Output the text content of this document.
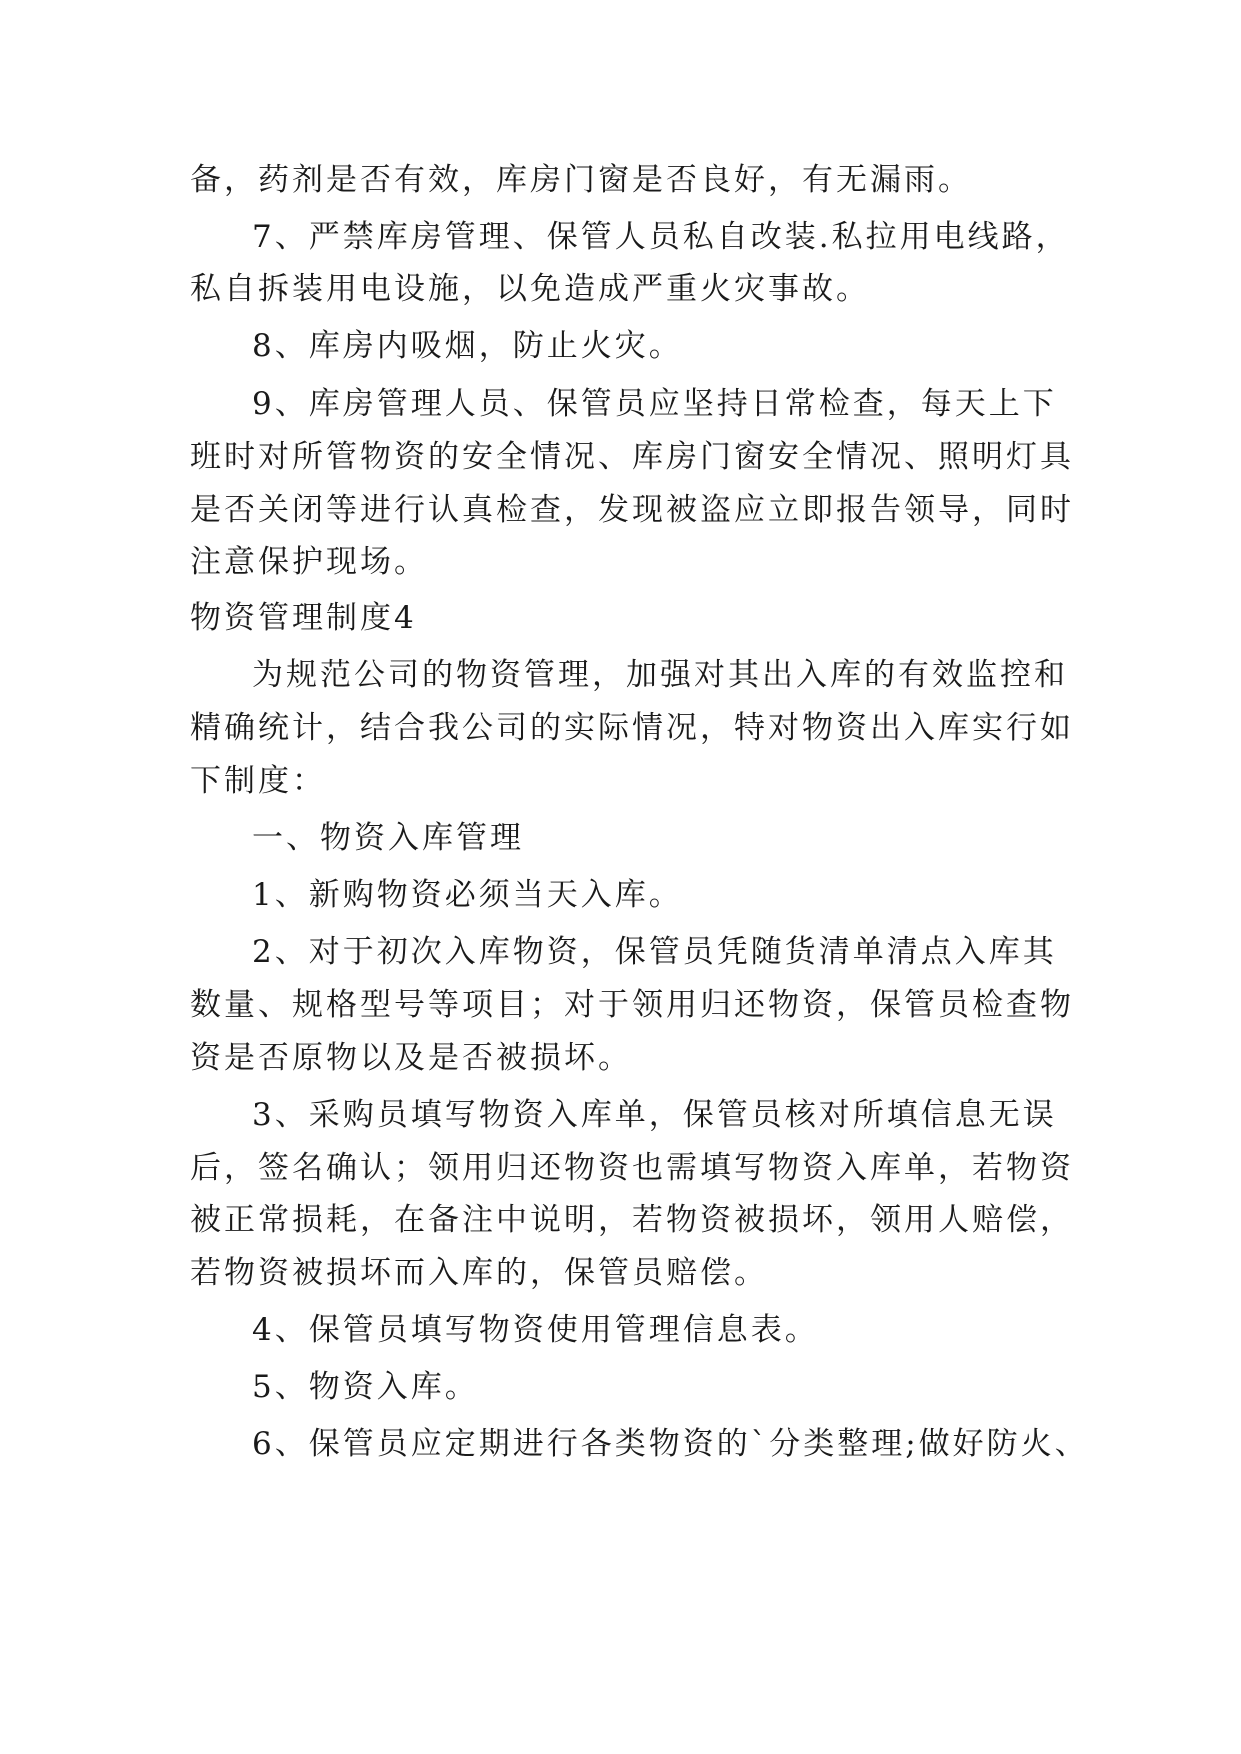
备，药剂是否有效，库房门窗是否良好，有无漏雨。
7、严禁库房管理、保管人员私自改装.私拉用电线路，
私自拆装用电设施，以免造成严重火灾事故。
8、库房内吸烟，防止火灾。
9、库房管理人员、保管员应坚持日常检查，每天上下
班时对所管物资的安全情况、库房门窗安全情况、照明灯具
是否关闭等进行认真检查，发现被盗应立即报告领导，同时
注意保护现场。
物资管理制度4
为规范公司的物资管理，加强对其出入库的有效监控和
精确统计，结合我公司的实际情况，特对物资出入库实行如
下制度：
一、物资入库管理
1、新购物资必须当天入库。
2、对于初次入库物资，保管员凭随货清单清点入库其
数量、规格型号等项目；对于领用归还物资，保管员检查物
资是否原物以及是否被损坏。
3、采购员填写物资入库单，保管员核对所填信息无误
后，签名确认；领用归还物资也需填写物资入库单，若物资
被正常损耗，在备注中说明，若物资被损坏，领用人赔偿，
若物资被损坏而入库的，保管员赔偿。
4、保管员填写物资使用管理信息表。
5、物资入库。
6、保管员应定期进行各类物资的`分类整理;做好防火、
